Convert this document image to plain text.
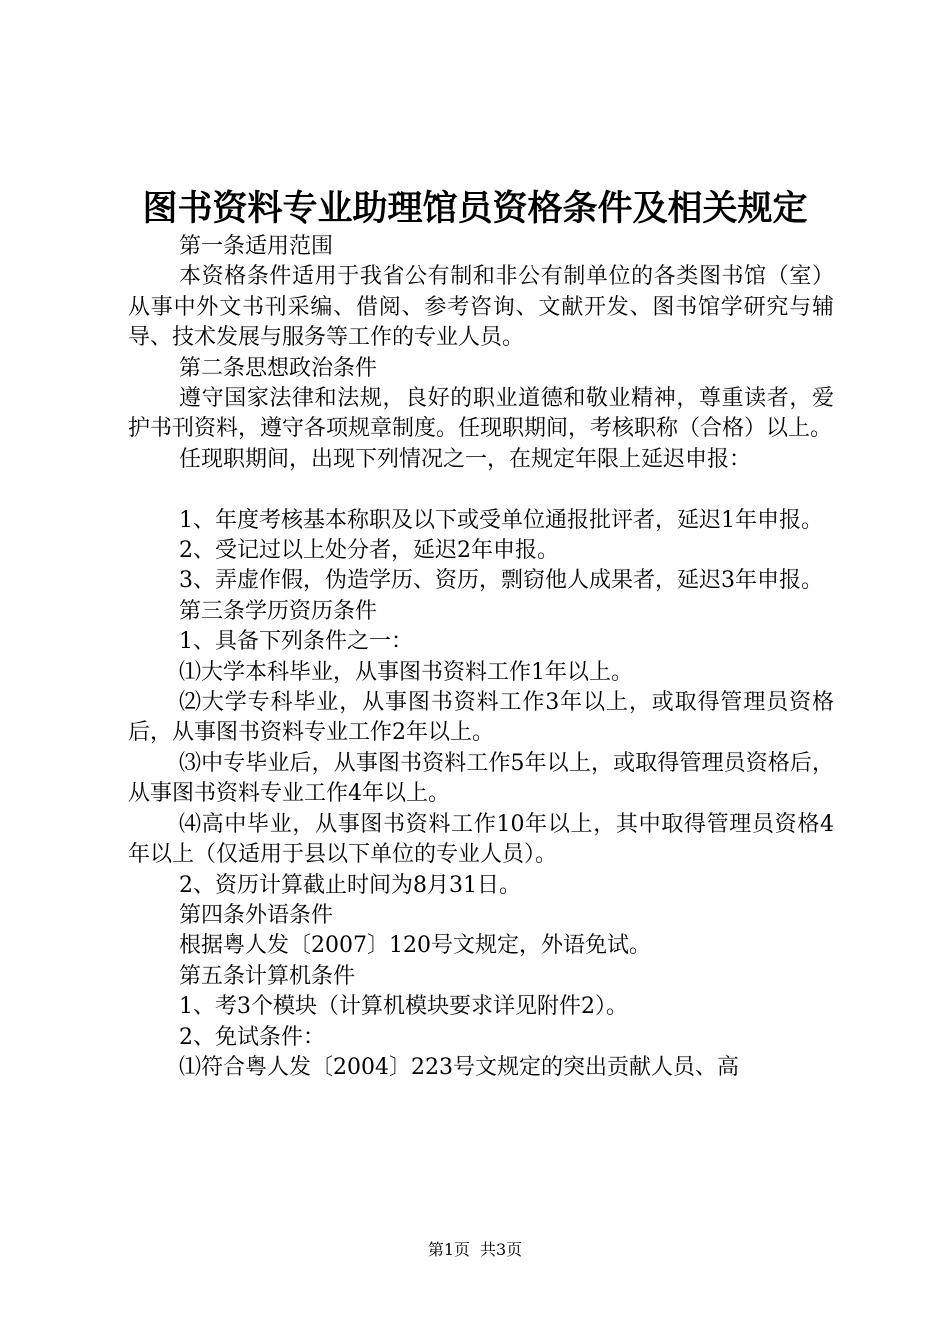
图书资料专业助理馆员资格条件及相关规定

第一条适用范围

本资格条件适用于我省公有制和非公有制单位的各类图书馆（室）从事中外文书刊采编、借阅、参考咨询、文献开发、图书馆学研究与辅导、技术发展与服务等工作的专业人员。

第二条思想政治条件

遵守国家法律和法规，良好的职业道德和敬业精神，尊重读者，爱护书刊资料，遵守各项规章制度。任现职期间，考核职称（合格）以上。

任现职期间，出现下列情况之一，在规定年限上延迟申报：

1、年度考核基本称职及以下或受单位通报批评者，延迟1年申报。

2、受记过以上处分者，延迟2年申报。

3、弄虚作假，伪造学历、资历，剽窃他人成果者，延迟3年申报。

第三条学历资历条件

1、具备下列条件之一：

⑴大学本科毕业，从事图书资料工作1年以上。

⑵大学专科毕业，从事图书资料工作3年以上，或取得管理员资格后，从事图书资料专业工作2年以上。

⑶中专毕业后，从事图书资料工作5年以上，或取得管理员资格后，从事图书资料专业工作4年以上。

⑷高中毕业，从事图书资料工作10年以上，其中取得管理员资格4年以上（仅适用于县以下单位的专业人员）。

2、资历计算截止时间为8月31日。

第四条外语条件

根据粤人发〔2007〕120号文规定，外语免试。

第五条计算机条件

1、考3个模块（计算机模块要求详见附件2）。

2、免试条件：

⑴符合粤人发〔2004〕223号文规定的突出贡献人员、高

第1页 共3页
